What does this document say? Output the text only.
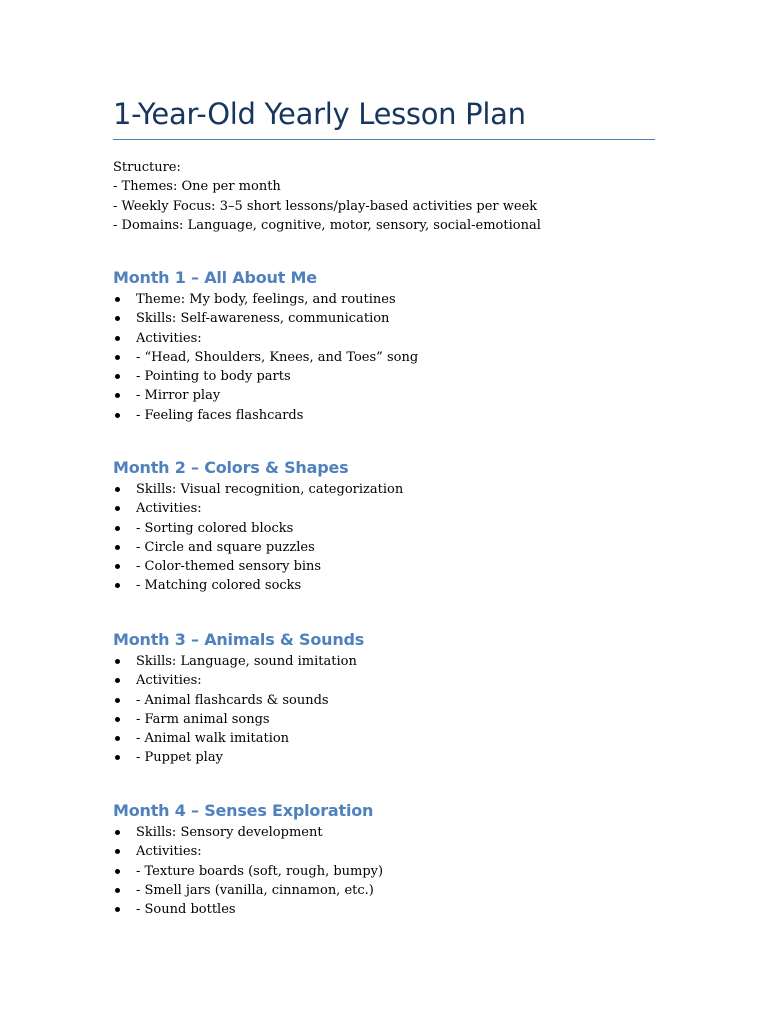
1-Year-Old Yearly Lesson Plan
Structure:
- Themes: One per month
- Weekly Focus: 3–5 short lessons/play-based activities per week
- Domains: Language, cognitive, motor, sensory, social-emotional
Month 1 – All About Me
Theme: My body, feelings, and routines
Skills: Self-awareness, communication
Activities:
- “Head, Shoulders, Knees, and Toes” song
- Pointing to body parts
- Mirror play
- Feeling faces flashcards
Month 2 – Colors & Shapes
Skills: Visual recognition, categorization
Activities:
- Sorting colored blocks
- Circle and square puzzles
- Color-themed sensory bins
- Matching colored socks
Month 3 – Animals & Sounds
Skills: Language, sound imitation
Activities:
- Animal flashcards & sounds
- Farm animal songs
- Animal walk imitation
- Puppet play
Month 4 – Senses Exploration
Skills: Sensory development
Activities:
- Texture boards (soft, rough, bumpy)
- Smell jars (vanilla, cinnamon, etc.)
- Sound bottles
